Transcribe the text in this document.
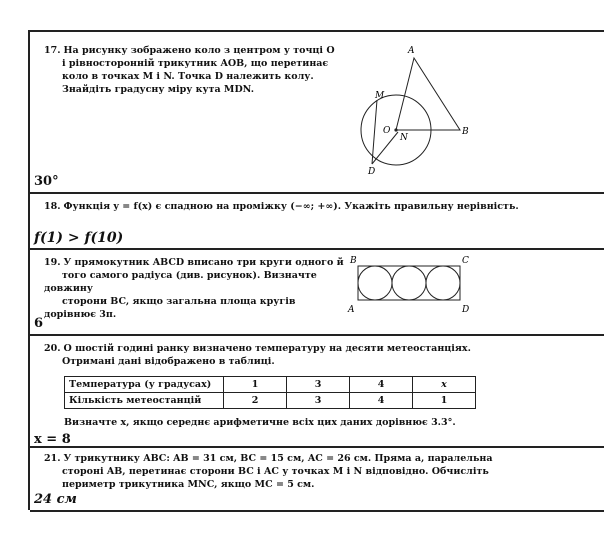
17. На рисунку зображено коло з центром у точці O
і рівносторонній трикутник AOB, що перетинає
коло в точках M і N. Точка D належить колу.
Знайдіть градусну міру кута MDN.
A
B
O
M
N
D
30°
18. Функція y = f(x) є спадною на проміжку (−∞; +∞). Укажіть правильну нерівність.
f(1) > f(10)
19. У прямокутник ABCD вписано три круги одного й
того самого радіуса (див. рисунок). Визначте довжину
сторони BC, якщо загальна площа кругів дорівнює 3π.
B	C
A	D
6
20. О шостій годині ранку визначено температуру на десяти метеостанціях.
Отримані дані відображено в таблиці.
Температура (у градусах)	1	3	4	x
Кількість метеостанцій	2	3	4	1
Визначте x, якщо середнє арифметичне всіх цих даних дорівнює 3.3°.
x = 8
21. У трикутнику ABC: AB = 31 см, BC = 15 см, AC = 26 см. Пряма a, паралельна
стороні AB, перетинає сторони BC і AC у точках M і N відповідно. Обчисліть
периметр трикутника MNC, якщо MC = 5 см.
24 см
